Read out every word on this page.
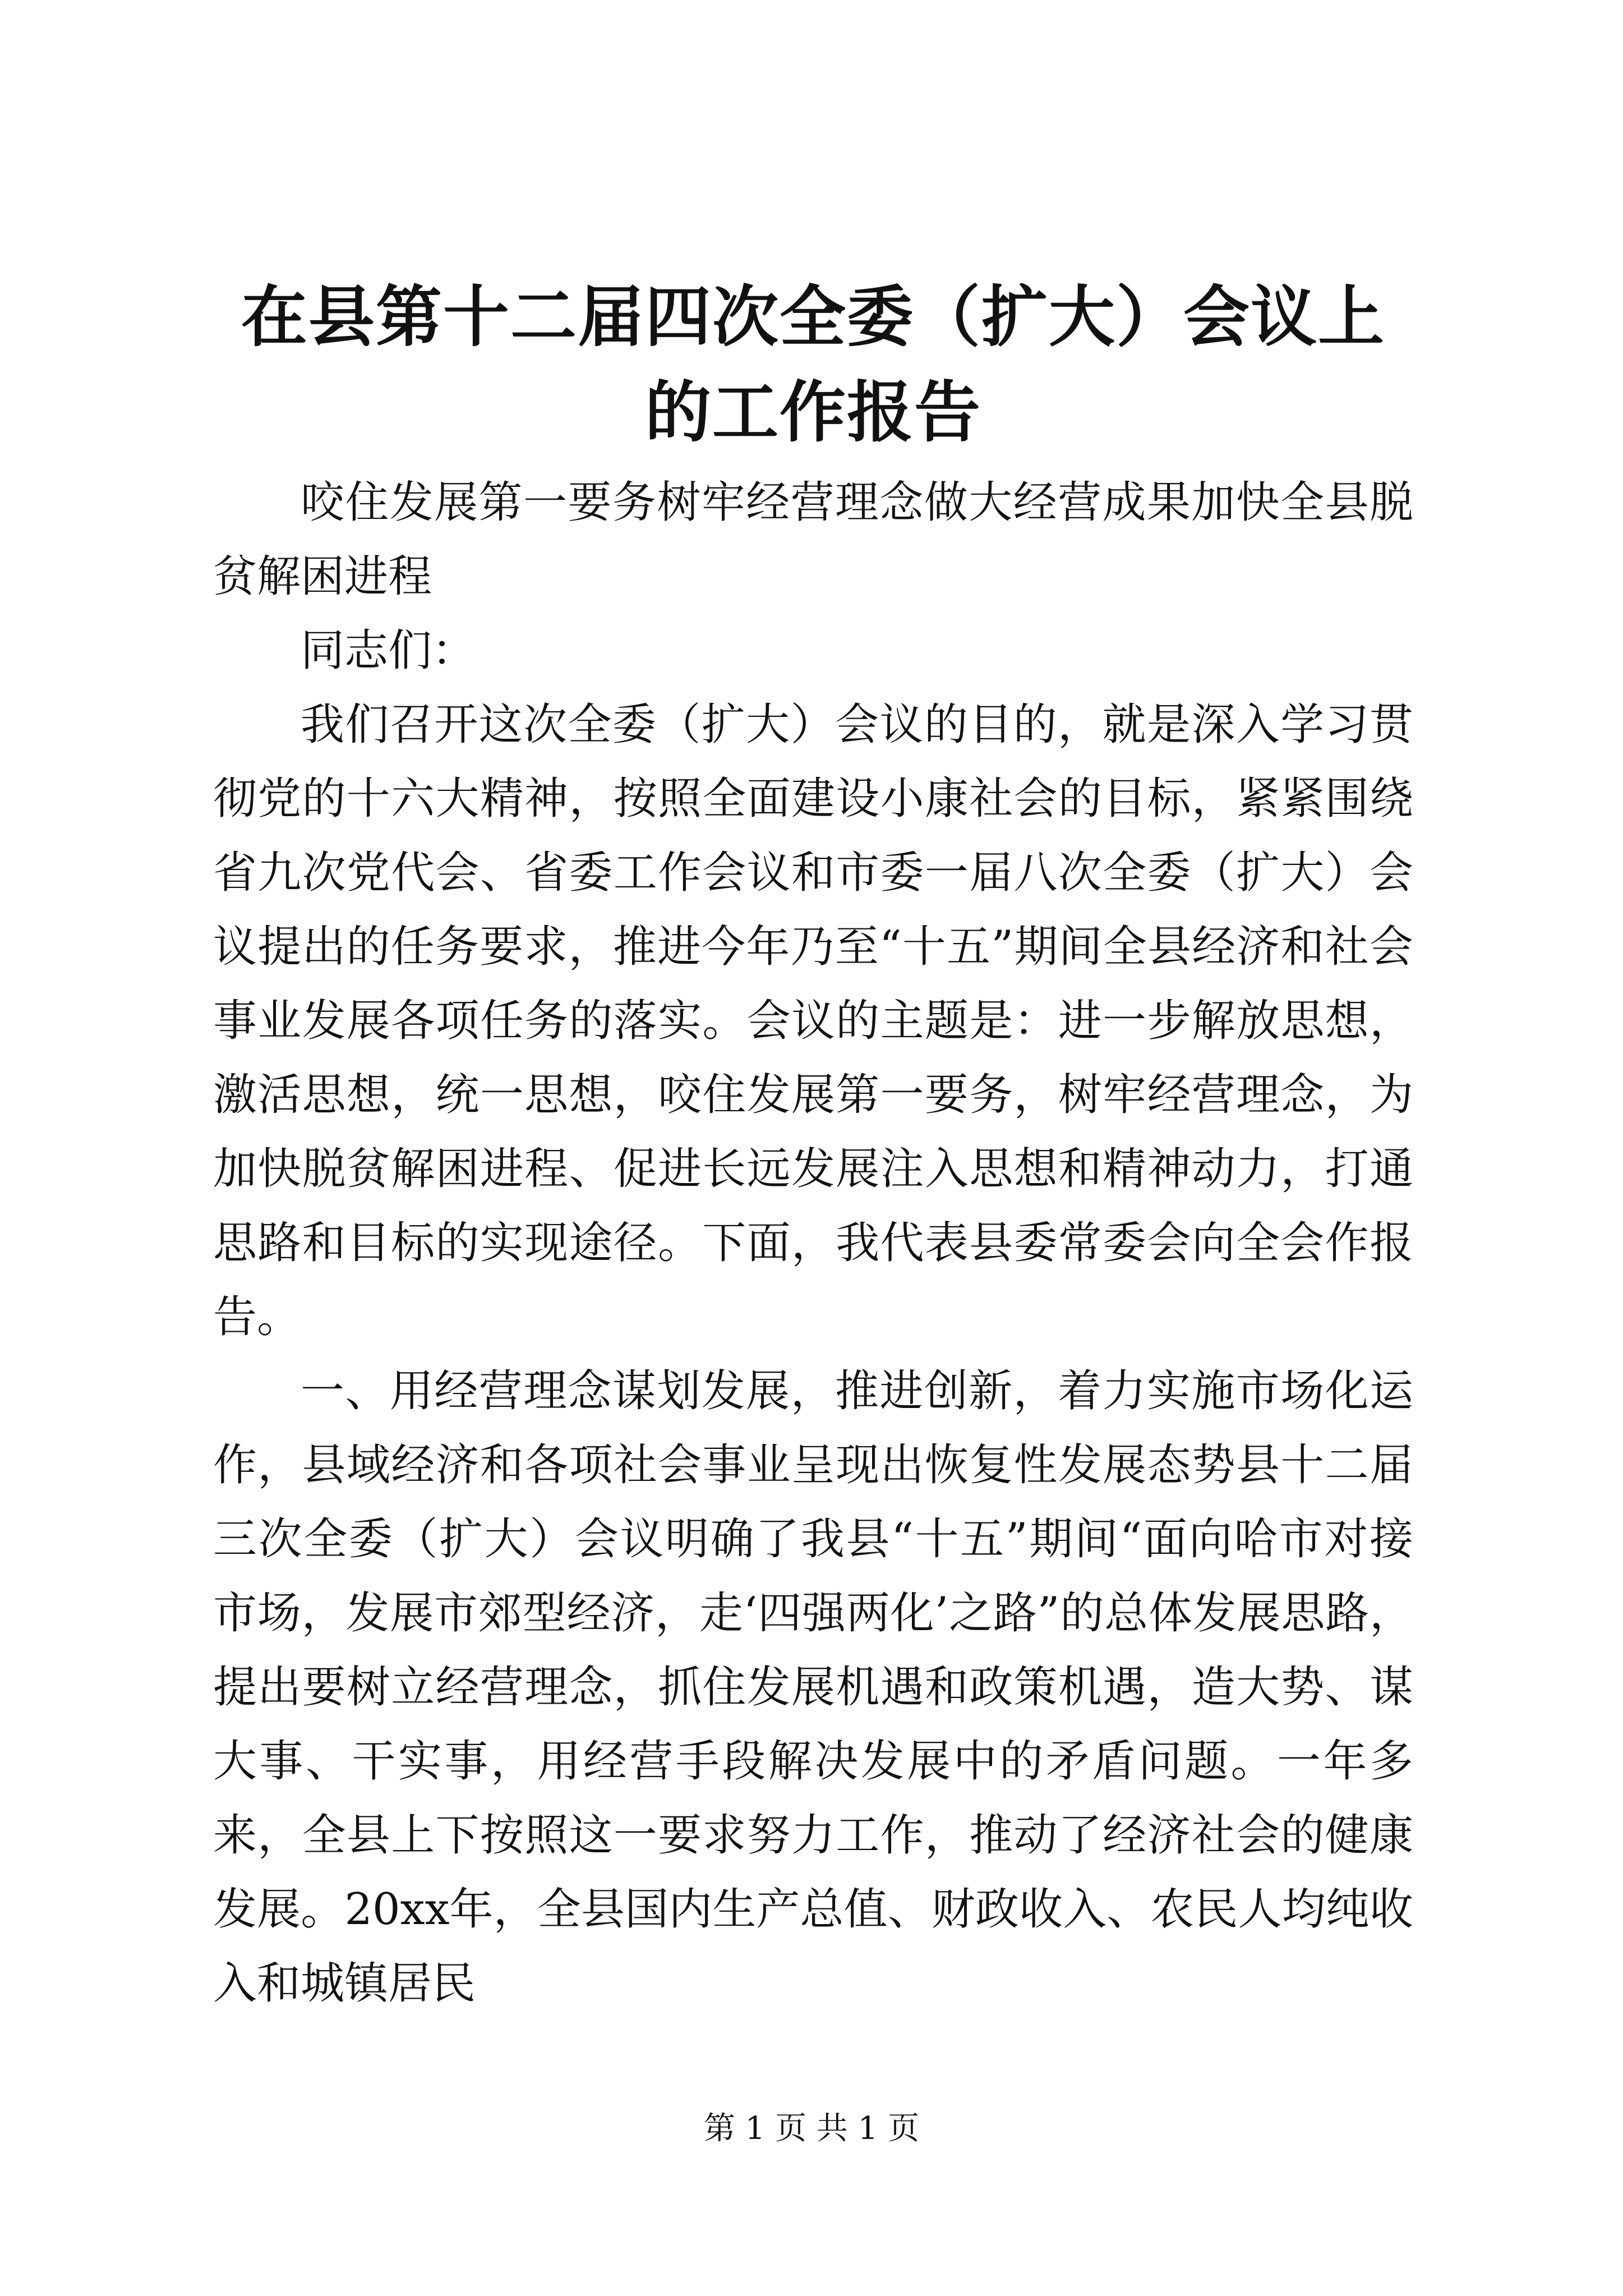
在县第十二届四次全委（扩大）会议上的工作报告

咬住发展第一要务树牢经营理念做大经营成果加快全县脱贫解困进程

同志们：

我们召开这次全委（扩大）会议的目的，就是深入学习贯彻党的十六大精神，按照全面建设小康社会的目标，紧紧围绕省九次党代会、省委工作会议和市委一届八次全委（扩大）会议提出的任务要求，推进今年乃至“十五”期间全县经济和社会事业发展各项任务的落实。会议的主题是：进一步解放思想，激活思想，统一思想，咬住发展第一要务，树牢经营理念，为加快脱贫解困进程、促进长远发展注入思想和精神动力，打通思路和目标的实现途径。下面，我代表县委常委会向全会作报告。

一、用经营理念谋划发展，推进创新，着力实施市场化运作，县域经济和各项社会事业呈现出恢复性发展态势县十二届三次全委（扩大）会议明确了我县“十五”期间“面向哈市对接市场，发展市郊型经济，走‘四强两化’之路”的总体发展思路，提出要树立经营理念，抓住发展机遇和政策机遇，造大势、谋大事、干实事，用经营手段解决发展中的矛盾问题。一年多来，全县上下按照这一要求努力工作，推动了经济社会的健康发展。20xx年，全县国内生产总值、财政收入、农民人均纯收入和城镇居民

第 1 页 共 1 页
